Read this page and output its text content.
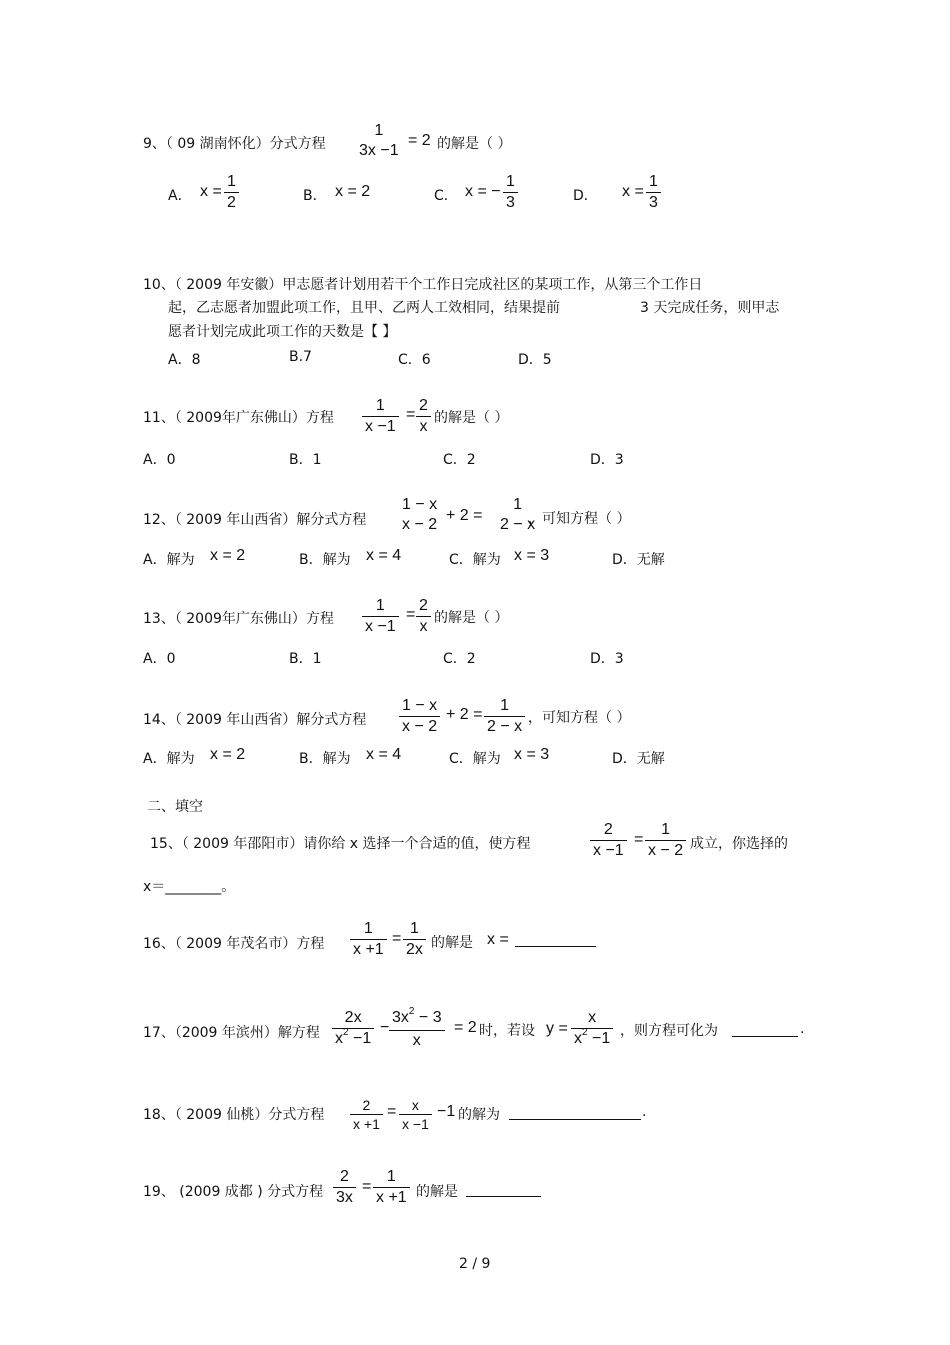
9、（ 09 湖南怀化）分式方程
1
3x −1
= 2 的解是（ ）
A． $x = \frac{1}{2}$	B． x = 2	C． x = − $\frac{1}{3}$	D． $x = \frac{1}{3}$
10、（ 2009 年安徽）甲志愿者计划用若干个工作日完成社区的某项工作，从第三个工作日
起，乙志愿者加盟此项工作，且甲、乙两人工效相同，结果提前	3 天完成任务，则甲志
愿者计划完成此项工作的天数是【 】
A．8	B.7	C．6	D．5
11、（ 2009年广东佛山）方程 $\frac{1}{x -1} = \frac{2}{x}$ 的解是（ ）
A．0	B．1	C．2	D．3
12、（ 2009 年山西省）解分式方程
1 − x
x − 2
+ 2 =
1
2 − x
，可知方程（ ）
A．解为 x = 2	B．解为 x = 4	C．解为 x = 3	D．无解
13、（ 2009年广东佛山）方程 $\frac{1}{x -1} = \frac{2}{x}$ 的解是（ ）
A．0	B．1	C．2	D．3
14、（ 2009 年山西省）解分式方程 $\frac{1 - x}{x - 2} + 2 = \frac{1}{2 - x}$ ，可知方程（ ）
A．解为 x = 2	B．解为 x = 4	C．解为 x = 3	D．无解
二、填空
15、（ 2009 年邵阳市）请你给 x 选择一个合适的值，使方程	$\frac{2}{x -1} = \frac{1}{x - 2}$ 成立，你选择的
x＝________。
16、（ 2009 年茂名市）方程 $\frac{1}{x +1} = \frac{1}{2x}$ 的解是 x =
17、（2009 年滨州）解方程 $\frac{2x}{x^2 -1} - \frac{3x^2 - 3}{x} = 2$ 时，若设 $y = \frac{x}{x^2 -1}$ ，则方程可化为	.
18、（ 2009 仙桃）分式方程 $\frac{2}{x +1} = \frac{x}{x -1} -1$ 的解为	.
19、 (2009 成都 ) 分式方程 $\frac{2}{3x} = \frac{1}{x +1}$ 的解是
2 / 9
